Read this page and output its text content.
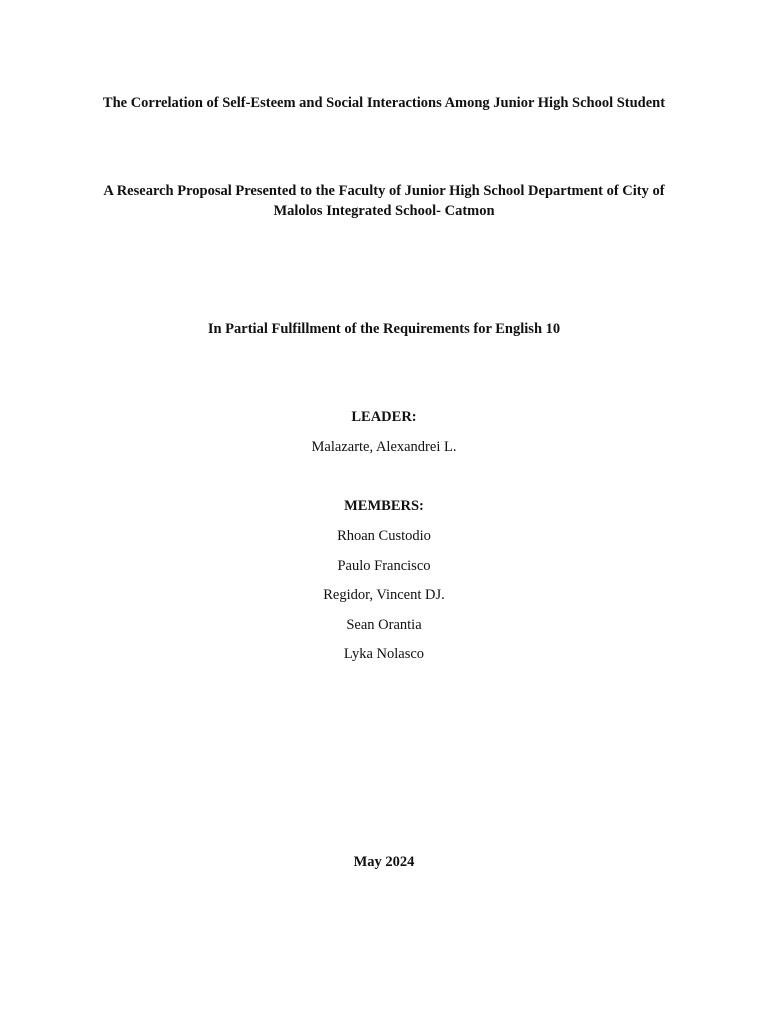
The Correlation of Self-Esteem and Social Interactions Among Junior High School Student
A Research Proposal Presented to the Faculty of Junior High School Department of City of
Malolos Integrated School- Catmon
In Partial Fulfillment of the Requirements for English 10
LEADER:
Malazarte, Alexandrei L.
MEMBERS:
Rhoan Custodio
Paulo Francisco
Regidor, Vincent DJ.
Sean Orantia
Lyka Nolasco
May 2024
